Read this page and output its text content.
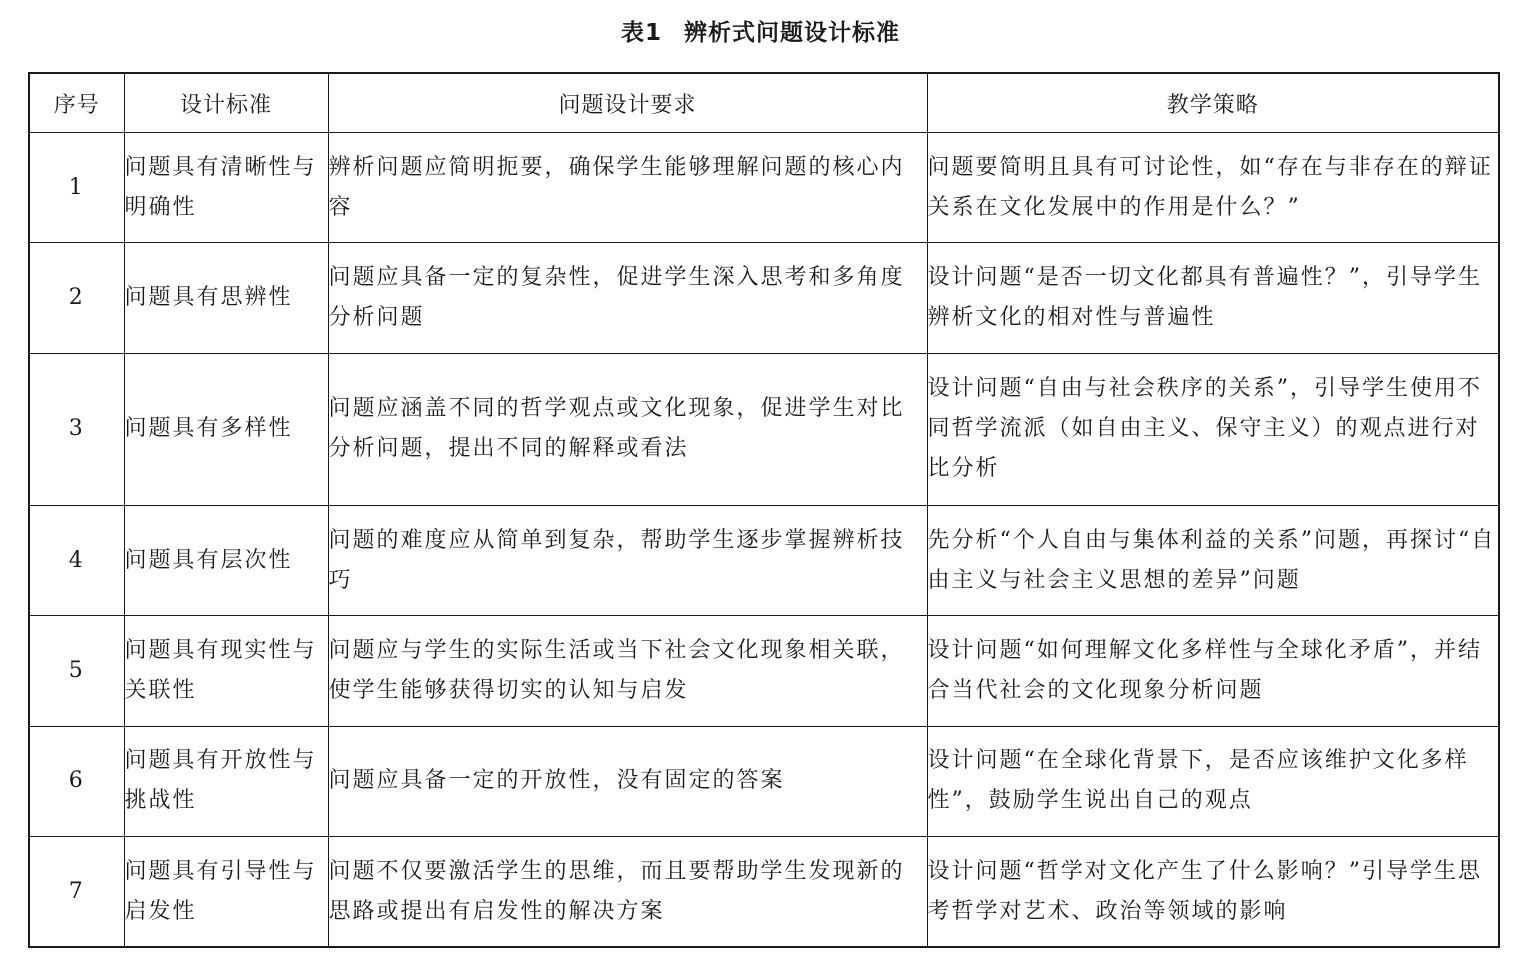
表1 辨析式问题设计标准
序号	设计标准	问题设计要求	教学策略
1	问题具有清晰性与明确性	辨析问题应简明扼要，确保学生能够理解问题的核心内容	问题要简明且具有可讨论性，如“存在与非存在的辩证关系在文化发展中的作用是什么？”
2	问题具有思辨性	问题应具备一定的复杂性，促进学生深入思考和多角度分析问题	设计问题“是否一切文化都具有普遍性？”，引导学生辨析文化的相对性与普遍性
3	问题具有多样性	问题应涵盖不同的哲学观点或文化现象，促进学生对比分析问题，提出不同的解释或看法	设计问题“自由与社会秩序的关系”，引导学生使用不同哲学流派（如自由主义、保守主义）的观点进行对比分析
4	问题具有层次性	问题的难度应从简单到复杂，帮助学生逐步掌握辨析技巧	先分析“个人自由与集体利益的关系”问题，再探讨“自由主义与社会主义思想的差异”问题
5	问题具有现实性与关联性	问题应与学生的实际生活或当下社会文化现象相关联，使学生能够获得切实的认知与启发	设计问题“如何理解文化多样性与全球化矛盾”，并结合当代社会的文化现象分析问题
6	问题具有开放性与挑战性	问题应具备一定的开放性，没有固定的答案	设计问题“在全球化背景下，是否应该维护文化多样性”，鼓励学生说出自己的观点
7	问题具有引导性与启发性	问题不仅要激活学生的思维，而且要帮助学生发现新的思路或提出有启发性的解决方案	设计问题“哲学对文化产生了什么影响？”引导学生思考哲学对艺术、政治等领域的影响
